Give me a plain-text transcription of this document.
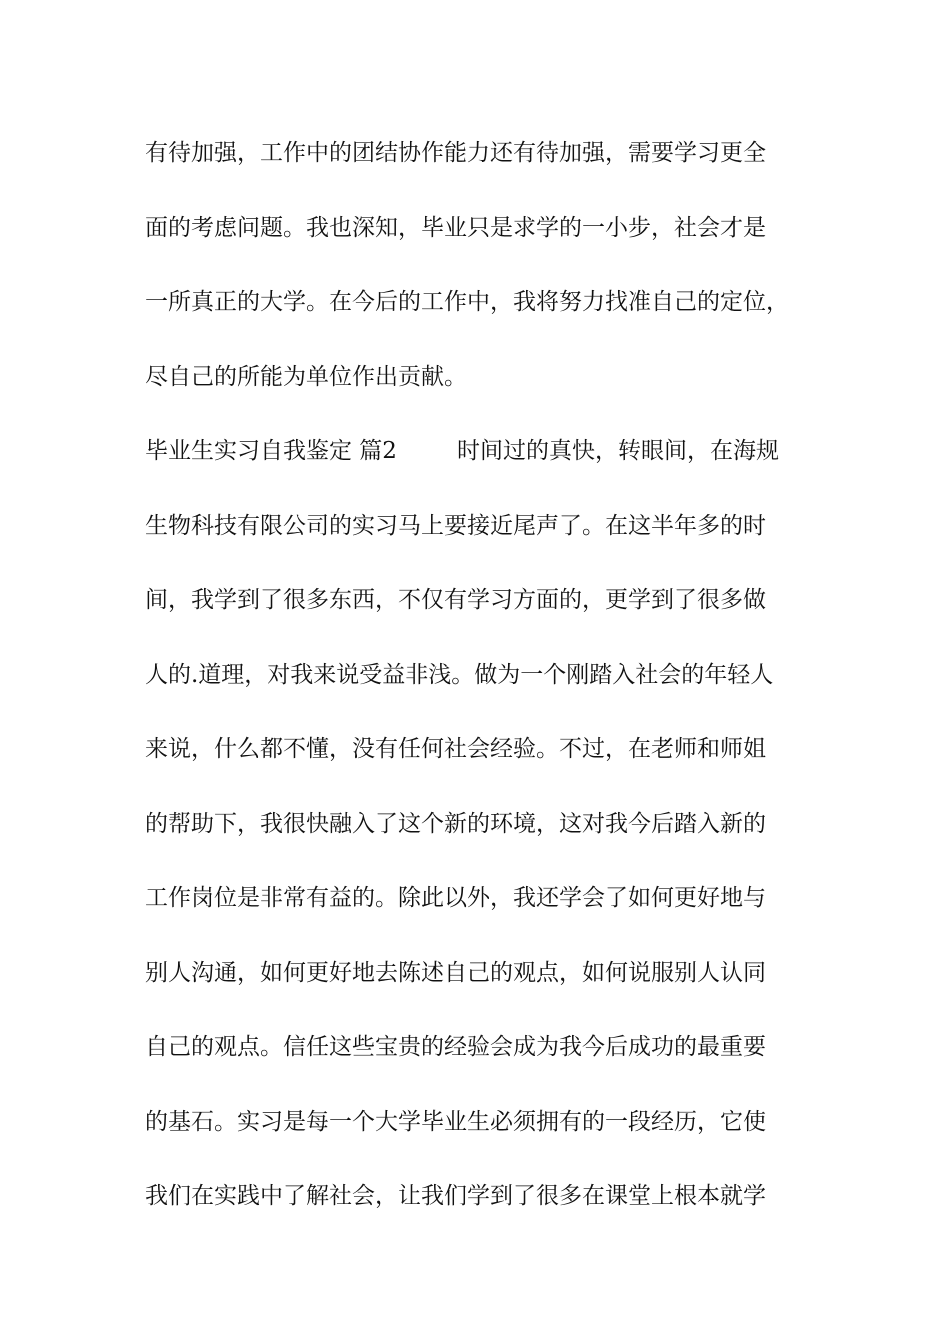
有待加强，工作中的团结协作能力还有待加强，需要学习更全
面的考虑问题。我也深知，毕业只是求学的一小步，社会才是
一所真正的大学。在今后的工作中，我将努力找准自己的定位，
尽自己的所能为单位作出贡献。
毕业生实习自我鉴定 篇2	时间过的真快，转眼间，在海规
生物科技有限公司的实习马上要接近尾声了。在这半年多的时
间，我学到了很多东西，不仅有学习方面的，更学到了很多做
人的.道理，对我来说受益非浅。做为一个刚踏入社会的年轻人
来说，什么都不懂，没有任何社会经验。不过，在老师和师姐
的帮助下，我很快融入了这个新的环境，这对我今后踏入新的
工作岗位是非常有益的。除此以外，我还学会了如何更好地与
别人沟通，如何更好地去陈述自己的观点，如何说服别人认同
自己的观点。信任这些宝贵的经验会成为我今后成功的最重要
的基石。实习是每一个大学毕业生必须拥有的一段经历，它使
我们在实践中了解社会，让我们学到了很多在课堂上根本就学
